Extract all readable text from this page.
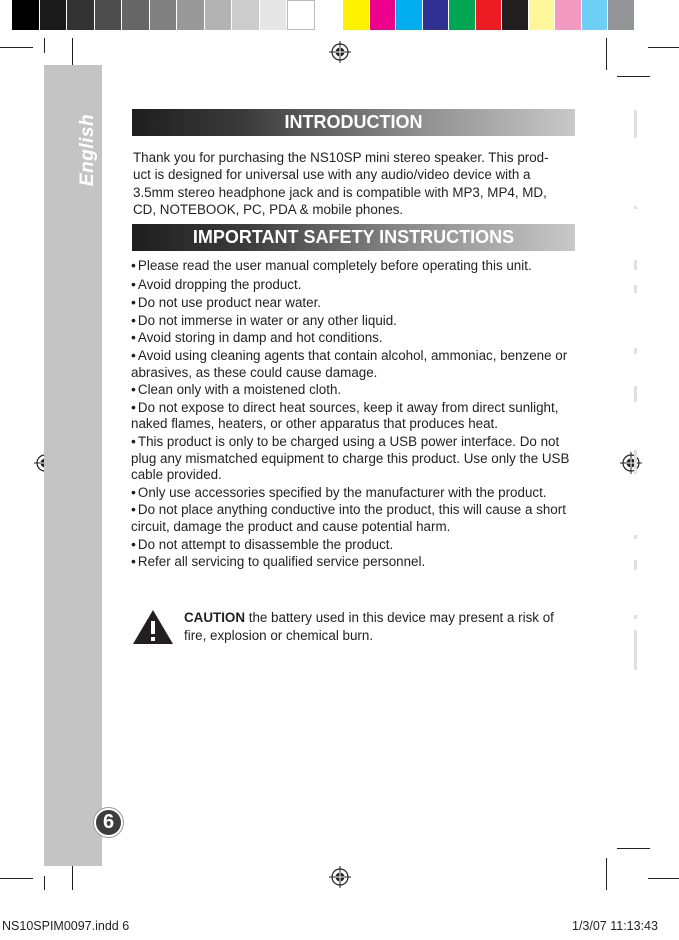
English
6
INTRODUCTION

Thank you for purchasing the NS10SP mini stereo speaker. This prod-
uct is designed for universal use with any audio/video device with a
3.5mm stereo headphone jack and is compatible with MP3, MP4, MD,
CD, NOTEBOOK, PC, PDA & mobile phones.

IMPORTANT SAFETY INSTRUCTIONS
• Please read the user manual completely before operating this unit.
• Avoid dropping the product.
• Do not use product near water.
• Do not immerse in water or any other liquid.
• Avoid storing in damp and hot conditions.
• Avoid using cleaning agents that contain alcohol, ammoniac, benzene or abrasives, as these could cause damage.
• Clean only with a moistened cloth.
• Do not expose to direct heat sources, keep it away from direct sunlight, naked flames, heaters, or other apparatus that produces heat.
• This product is only to be charged using a USB power interface. Do not plug any mismatched equipment to charge this product. Use only the USB cable provided.
• Only use accessories specified by the manufacturer with the product.
• Do not place anything conductive into the product, this will cause a short circuit, damage the product and cause potential harm.
• Do not attempt to disassemble the product.
• Refer all servicing to qualified service personnel.

CAUTION the battery used in this device may present a risk of fire, explosion or chemical burn.

NS10SPIM0097.indd 6	1/3/07 11:13:43
